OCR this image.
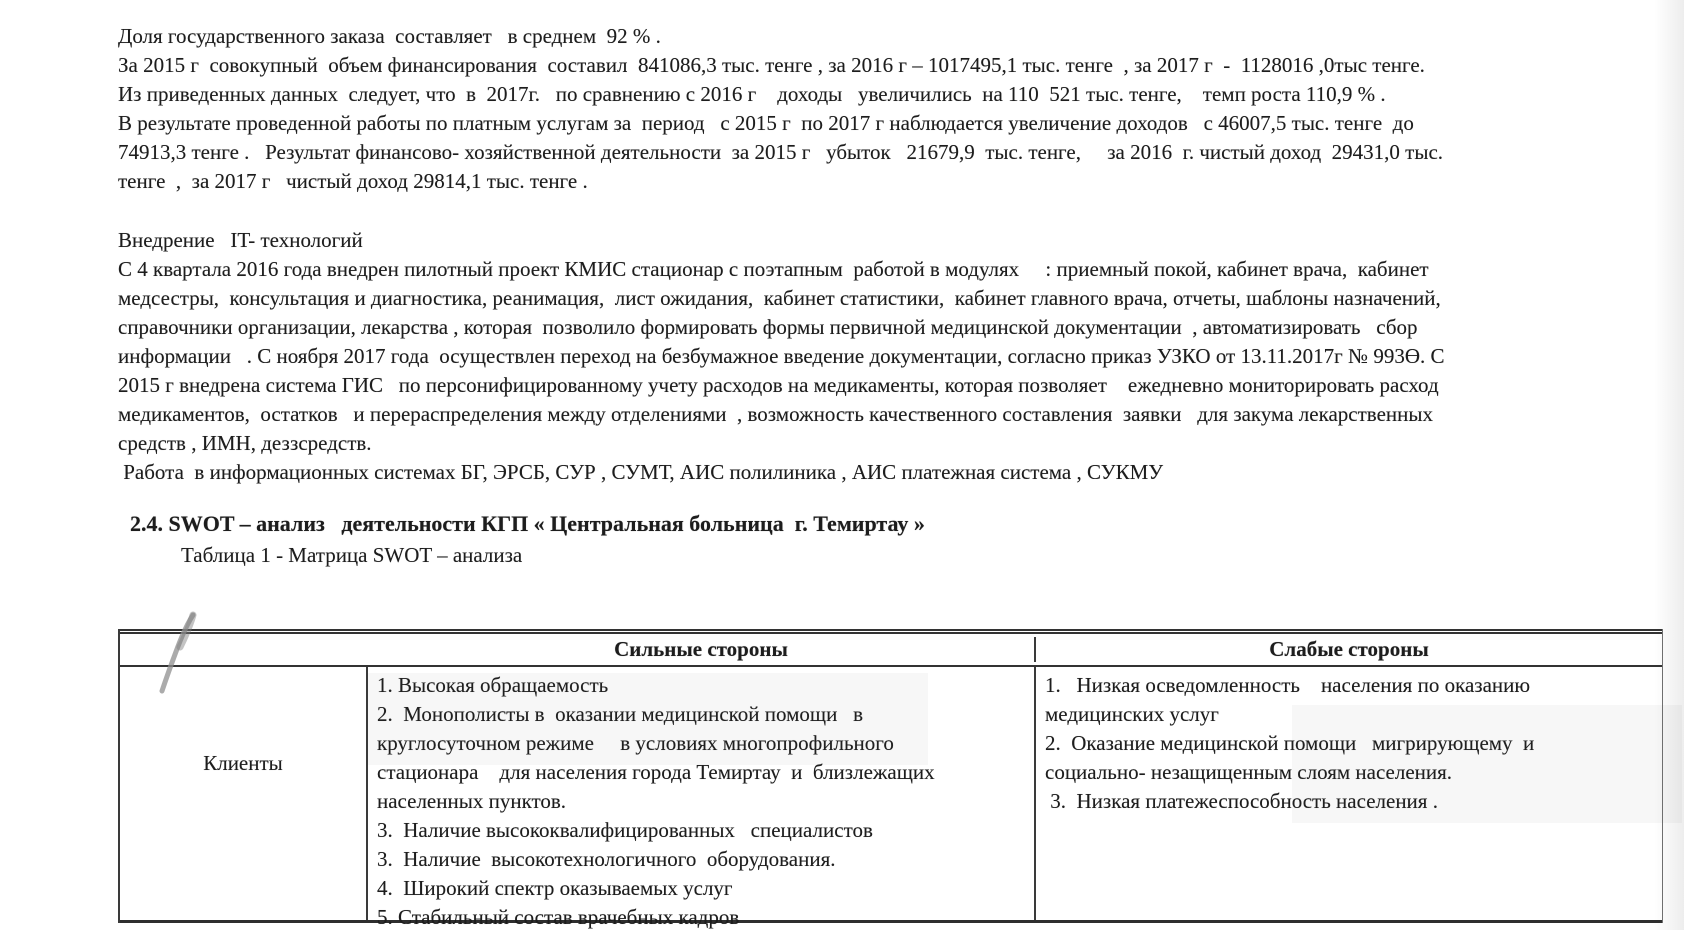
Доля государственного заказа  составляет   в среднем  92 % .
За 2015 г  совокупный  объем финансирования  составил  841086,3 тыс. тенге , за 2016 г – 1017495,1 тыс. тенге  , за 2017 г  -  1128016 ,0тыс тенге.
Из приведенных данных  следует, что  в  2017г.   по сравнению с 2016 г    доходы   увеличились  на 110  521 тыс. тенге,    темп роста 110,9 % .
В результате проведенной работы по платным услугам за  период   с 2015 г  по 2017 г наблюдается увеличение доходов   с 46007,5 тыс. тенге  до
74913,3 тенге .   Результат финансово- хозяйственной деятельности  за 2015 г   убыток   21679,9  тыс. тенге,     за 2016  г. чистый доход  29431,0 тыс.
тенге  ,  за 2017 г   чистый доход 29814,1 тыс. тенге .
Внедрение   IT- технологий
С 4 квартала 2016 года внедрен пилотный проект КМИС стационар с поэтапным  работой в модулях     : приемный покой, кабинет врача,  кабинет
медсестры,  консультация и диагностика, реанимация,  лист ожидания,  кабинет статистики,  кабинет главного врача, отчеты, шаблоны назначений,
справочники организации, лекарства , которая  позволило формировать формы первичной медицинской документации  , автоматизировать   сбор
информации   . С ноября 2017 года  осуществлен переход на безбумажное введение документации, согласно приказ УЗКО от 13.11.2017г № 993Ө. С
2015 г внедрена система ГИС   по персонифицированному учету расходов на медикаменты, которая позволяет    ежедневно мониторировать расход
медикаментов,  остатков   и перераспределения между отделениями  , возможность качественного составления  заявки   для закума лекарственных
средств , ИМН, деззсредств.
Работа  в информационных системах БГ, ЭРСБ, СУР , СУМТ, АИС полилиника , АИС платежная система , СУКМУ
2.4. SWOT – анализ   деятельности КГП « Центральная больница  г. Темиртау »
Таблица 1 - Матрица SWOT – анализа
Сильные стороны	Слабые стороны
Клиенты
1. Высокая обращаемость
2.  Монополисты в  оказании медицинской помощи   в
круглосуточном режиме     в условиях многопрофильного
стационара    для населения города Темиртау  и  близлежащих
населенных пунктов.
3.  Наличие высококвалифицированных   специалистов
3.  Наличие  высокотехнологичного  оборудования.
4.  Широкий спектр оказываемых услуг
5. Стабильный состав врачебных кадров
1.   Низкая осведомленность    населения по оказанию
медицинских услуг
2.  Оказание медицинской помощи   мигрирующему  и
социально- незащищенным слоям населения.
3.  Низкая платежеспособность населения .
